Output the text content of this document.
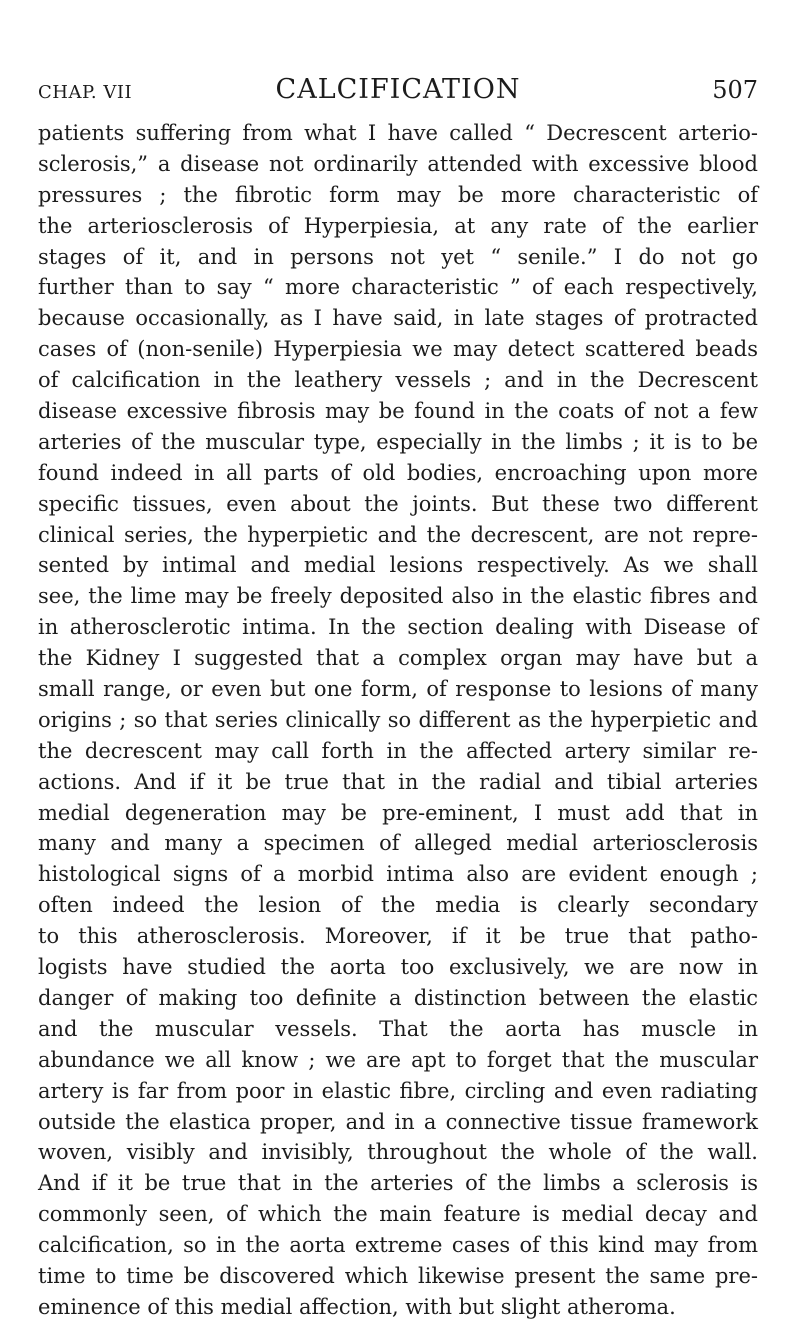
CHAP. VII	CALCIFICATION	507
patients suffering from what I have called “ Decrescent arterio-
sclerosis,” a disease not ordinarily attended with excessive blood
pressures ; the fibrotic form may be more characteristic of
the arteriosclerosis of Hyperpiesia, at any rate of the earlier
stages of it, and in persons not yet “ senile.” I do not go
further than to say “ more characteristic ” of each respectively,
because occasionally, as I have said, in late stages of protracted
cases of (non-senile) Hyperpiesia we may detect scattered beads
of calcification in the leathery vessels ; and in the Decrescent
disease excessive fibrosis may be found in the coats of not a few
arteries of the muscular type, especially in the limbs ; it is to be
found indeed in all parts of old bodies, encroaching upon more
specific tissues, even about the joints. But these two different
clinical series, the hyperpietic and the decrescent, are not repre-
sented by intimal and medial lesions respectively. As we shall
see, the lime may be freely deposited also in the elastic fibres and
in atherosclerotic intima. In the section dealing with Disease of
the Kidney I suggested that a complex organ may have but a
small range, or even but one form, of response to lesions of many
origins ; so that series clinically so different as the hyperpietic and
the decrescent may call forth in the affected artery similar re-
actions. And if it be true that in the radial and tibial arteries
medial degeneration may be pre-eminent, I must add that in
many and many a specimen of alleged medial arteriosclerosis
histological signs of a morbid intima also are evident enough ;
often indeed the lesion of the media is clearly secondary
to this atherosclerosis. Moreover, if it be true that patho-
logists have studied the aorta too exclusively, we are now in
danger of making too definite a distinction between the elastic
and the muscular vessels. That the aorta has muscle in
abundance we all know ; we are apt to forget that the muscular
artery is far from poor in elastic fibre, circling and even radiating
outside the elastica proper, and in a connective tissue framework
woven, visibly and invisibly, throughout the whole of the wall.
And if it be true that in the arteries of the limbs a sclerosis is
commonly seen, of which the main feature is medial decay and
calcification, so in the aorta extreme cases of this kind may from
time to time be discovered which likewise present the same pre-
eminence of this medial affection, with but slight atheroma.
